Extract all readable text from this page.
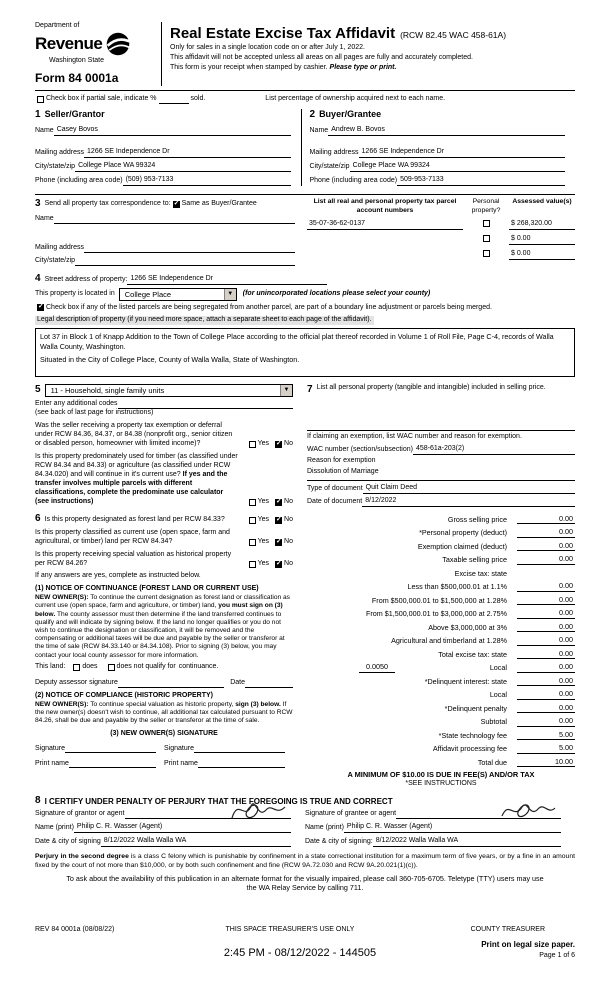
Department of
Revenue
Washington State
Form 84 0001a
Real Estate Excise Tax Affidavit (RCW 82.45 WAC 458-61A)
Only for sales in a single location code on or after July 1, 2022.
This affidavit will not be accepted unless all areas on all pages are fully and accurately completed.
This form is your receipt when stamped by cashier. Please type or print.
Check box if partial sale, indicate %	sold.	List percentage of ownership acquired next to each name.
1 Seller/Grantor
Name Casey Bovos
Mailing address 1266 SE Independence Dr
City/state/zip College Place WA 99324
Phone (including area code) (509) 953-7133
2 Buyer/Grantee
Name Andrew B. Bovos
Mailing address 1266 SE Independence Dr
City/state/zip College Place WA 99324
Phone (including area code) 509-953-7133
3 Send all property tax correspondence to: ✓ Same as Buyer/Grantee
Name
Mailing address
City/state/zip
List all real and personal property tax parcel account numbers
Personal property?
Assessed value(s)
35-07-36-62-0137	$ 268,320.00
$ 0.00
$ 0.00
4 Street address of property: 1266 SE Independence Dr
This property is located in	College Place	▼	(for unincorporated locations please select your county)
✓
Check box if any of the listed parcels are being segregated from another parcel, are part of a boundary line adjustment or parcels being merged.
Legal description of property (if you need more space, attach a separate sheet to each page of the affidavit).
Lot 37 in Block 1 of Knapp Addition to the Town of College Place according to the official plat thereof recorded in Volume 1 of Roll File, Page C-4, records of Walla Walla County, Washington.
Situated in the City of College Place, County of Walla Walla, State of Washington.
5	11 - Household, single family units	▼
Enter any additional codes
(see back of last page for instructions)
Was the seller receiving a property tax exemption or deferral under RCW 84.36, 84.37, or 84.38 (nonprofit org., senior citizen or disabled person, homeowner with limited income)?	Yes ✓ No
Is this property predominately used for timber (as classified under RCW 84.34 and 84.33) or agriculture (as classified under RCW 84.34.020) and will continue in it's current use? If yes and the transfer involves multiple parcels with different classifications, complete the predominate use calculator (see instructions)	Yes ✓ No
6 Is this property designated as forest land per RCW 84.33?	Yes ✓ No
Is this property classified as current use (open space, farm and agricultural, or timber) land per RCW 84.34?	Yes ✓ No
Is this property receiving special valuation as historical property per RCW 84.26?	Yes ✓ No
If any answers are yes, complete as instructed below.
(1) NOTICE OF CONTINUANCE (FOREST LAND OR CURRENT USE)
NEW OWNER(S): To continue the current designation as forest land or classification as current use (open space, farm and agriculture, or timber) land, you must sign on (3) below. The county assessor must then determine if the land transferred continues to qualify and will indicate by signing below. If the land no longer qualifies or you do not wish to continue the designation or classification, it will be removed and the compensating or additional taxes will be due and payable by the seller or transferor at the time of sale (RCW 84.33.140 or 84.34.108). Prior to signing (3) below, you may contact your local county assessor for more information.
This land: does	does not qualify for continuance.
Deputy assessor signature	Date
(2) NOTICE OF COMPLIANCE (HISTORIC PROPERTY)
NEW OWNER(S): To continue special valuation as historic property, sign (3) below. If the new owner(s) doesn't wish to continue, all additional tax calculated pursuant to RCW 84.26, shall be due and payable by the seller or transferor at the time of sale.
(3) NEW OWNER(S) SIGNATURE
Signature	Signature
Print name	Print name
7 List all personal property (tangible and intangible) included in selling price.
If claiming an exemption, list WAC number and reason for exemption.
WAC number (section/subsection) 458-61a-203(2)
Reason for exemption
Dissolution of Marriage
Type of document Quit Claim Deed
Date of document 8/12/2022
Gross selling price	0.00
*Personal property (deduct)	0.00
Exemption claimed (deduct)	0.00
Taxable selling price	0.00
Excise tax: state
Less than $500,000.01 at 1.1%	0.00
From $500,000.01 to $1,500,000 at 1.28%	0.00
From $1,500,000.01 to $3,000,000 at 2.75%	0.00
Above $3,000,000 at 3%	0.00
Agricultural and timberland at 1.28%	0.00
Total excise tax: state	0.00
0.0050	Local	0.00
*Delinquent interest: state	0.00
Local	0.00
*Delinquent penalty	0.00
Subtotal	0.00
*State technology fee	5.00
Affidavit processing fee	5.00
Total due	10.00
A MINIMUM OF $10.00 IS DUE IN FEE(S) AND/OR TAX
*SEE INSTRUCTIONS
8 I CERTIFY UNDER PENALTY OF PERJURY THAT THE FOREGOING IS TRUE AND CORRECT
Signature of grantor or agent
Name (print) Philip C. R. Wasser (Agent)
Date & city of signing 8/12/2022 Walla Walla WA
Signature of grantee or agent
Name (print) Philip C. R. Wasser (Agent)
Date & city of signing: 8/12/2022 Walla Walla WA
Perjury in the second degree is a class C felony which is punishable by confinement in a state correctional institution for a maximum term of five years, or by a fine in an amount fixed by the court of not more than $10,000, or by both such confinement and fine (RCW 9A.72.030 and RCW 9A.20.021(1)(c)).
To ask about the availability of this publication in an alternate format for the visually impaired, please call 360-705-6705. Teletype (TTY) users may use the WA Relay Service by calling 711.
REV 84 0001a (08/08/22)	THIS SPACE TREASURER'S USE ONLY	COUNTY TREASURER
2:45 PM - 08/12/2022 - 144505
Print on legal size paper.
Page 1 of 6
